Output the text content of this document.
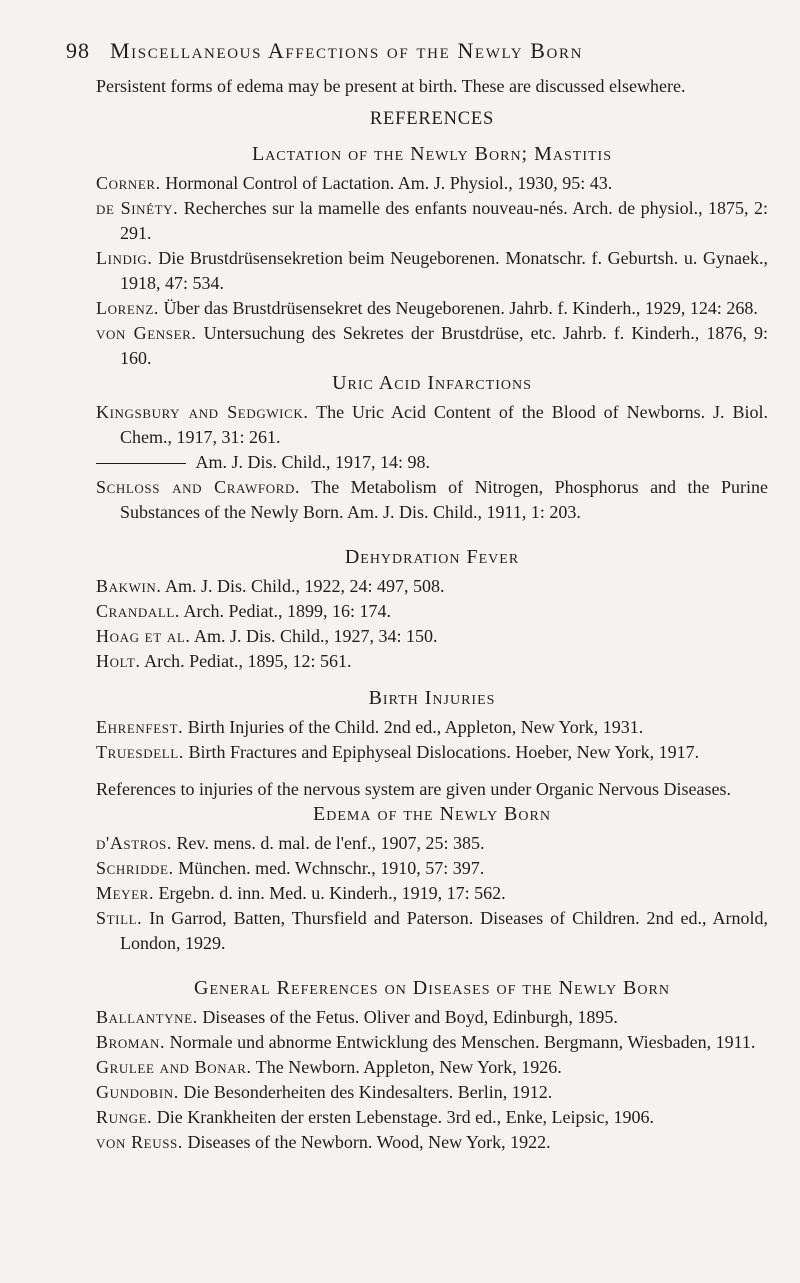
98 Miscellaneous Affections of the Newly Born

Persistent forms of edema may be present at birth. These are discussed elsewhere.

REFERENCES
Lactation of the Newly Born; Mastitis

Corner. Hormonal Control of Lactation. Am. J. Physiol., 1930, 95: 43.

de Sinéty. Recherches sur la mamelle des enfants nouveau-nés. Arch. de physiol., 1875, 2: 291.

Lindig. Die Brustdrüsensekretion beim Neugeborenen. Monatschr. f. Geburtsh. u. Gynaek., 1918, 47: 534.

Lorenz. Über das Brustdrüsensekret des Neugeborenen. Jahrb. f. Kinderh., 1929, 124: 268.

von Genser. Untersuchung des Sekretes der Brustdrüse, etc. Jahrb. f. Kinderh., 1876, 9: 160.

Uric Acid Infarctions

Kingsbury and Sedgwick. The Uric Acid Content of the Blood of Newborns. J. Biol. Chem., 1917, 31: 261.

Am. J. Dis. Child., 1917, 14: 98.

Schloss and Crawford. The Metabolism of Nitrogen, Phosphorus and the Purine Substances of the Newly Born. Am. J. Dis. Child., 1911, 1: 203.

Dehydration Fever

Bakwin. Am. J. Dis. Child., 1922, 24: 497, 508.

Crandall. Arch. Pediat., 1899, 16: 174.

Hoag et al. Am. J. Dis. Child., 1927, 34: 150.

Holt. Arch. Pediat., 1895, 12: 561.

Birth Injuries

Ehrenfest. Birth Injuries of the Child. 2nd ed., Appleton, New York, 1931.

Truesdell. Birth Fractures and Epiphyseal Dislocations. Hoeber, New York, 1917.

References to injuries of the nervous system are given under Organic Nervous Diseases.

Edema of the Newly Born

d'Astros. Rev. mens. d. mal. de l'enf., 1907, 25: 385.

Schridde. München. med. Wchnschr., 1910, 57: 397.

Meyer. Ergebn. d. inn. Med. u. Kinderh., 1919, 17: 562.

Still. In Garrod, Batten, Thursfield and Paterson. Diseases of Children. 2nd ed., Arnold, London, 1929.

General References on Diseases of the Newly Born

Ballantyne. Diseases of the Fetus. Oliver and Boyd, Edinburgh, 1895.

Broman. Normale und abnorme Entwicklung des Menschen. Bergmann, Wiesbaden, 1911.

Grulee and Bonar. The Newborn. Appleton, New York, 1926.

Gundobin. Die Besonderheiten des Kindesalters. Berlin, 1912.

Runge. Die Krankheiten der ersten Lebenstage. 3rd ed., Enke, Leipsic, 1906.

von Reuss. Diseases of the Newborn. Wood, New York, 1922.
